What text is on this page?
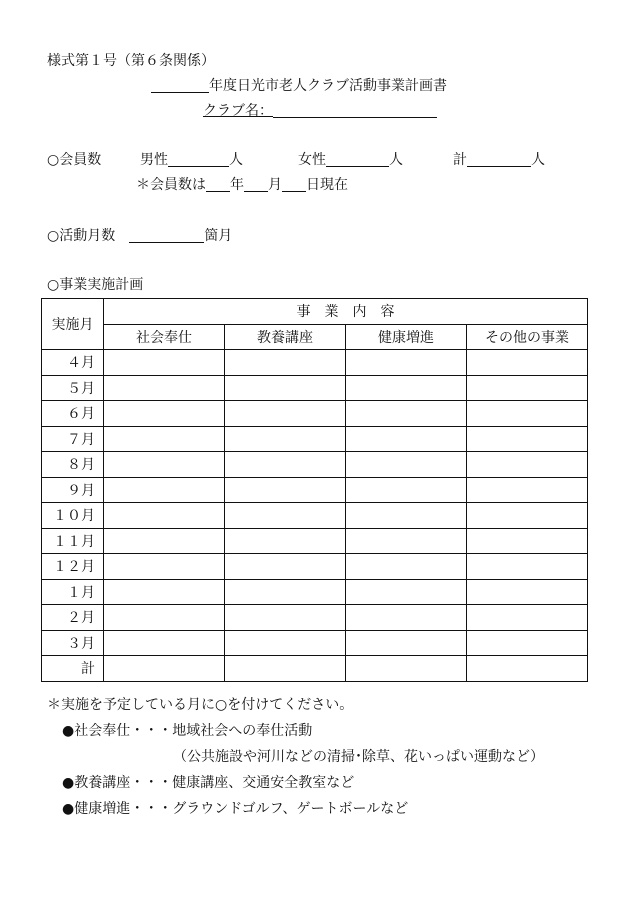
様式第１号（第６条関係）
年度日光市老人クラブ活動事業計画書
クラブ名：
○会員数	男性	人	女性	人	計	人
＊会員数は 年 月 日現在
○活動月数	箇月
○事業実施計画
実施月	事　業　内　容			
	社会奉仕	教養講座	健康増進	その他の事業
４月				
５月				
６月				
７月				
８月				
９月				
１０月				
１１月				
１２月				
１月				
２月				
３月				
計				
＊実施を予定している月に○を付けてください。
●社会奉仕・・・地域社会への奉仕活動
（公共施設や河川などの清掃･除草、花いっぱい運動など）
●教養講座・・・健康講座、交通安全教室など
●健康増進・・・グラウンドゴルフ、ゲートボールなど
